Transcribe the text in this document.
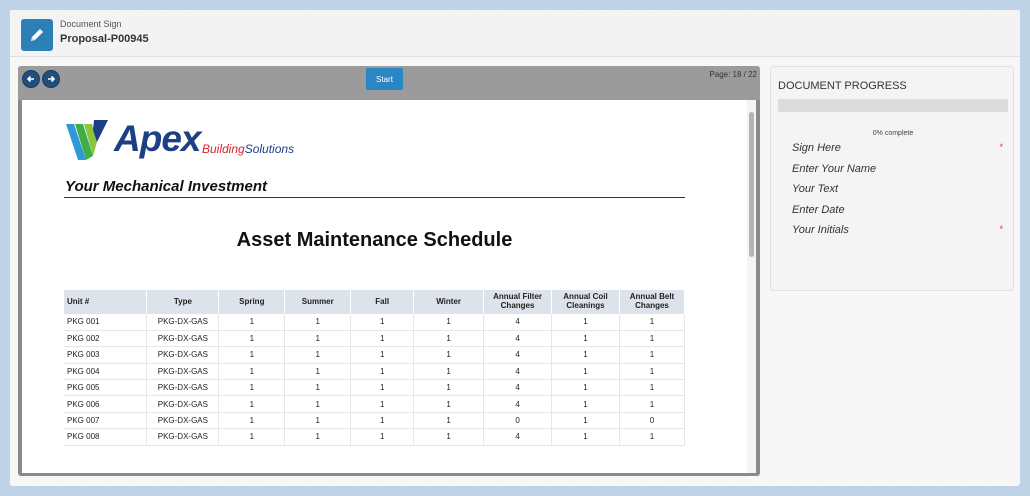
Document Sign
Proposal-P00945
Start	Page: 18 / 22
Apex BuildingSolutions
Your Mechanical Investment
Asset Maintenance Schedule
Unit #	Type	Spring	Summer	Fall	Winter	Annual Filter Changes	Annual Coil Cleanings	Annual Belt Changes
PKG 001	PKG-DX-GAS	1	1	1	1	4	1	1
PKG 002	PKG-DX-GAS	1	1	1	1	4	1	1
PKG 003	PKG-DX-GAS	1	1	1	1	4	1	1
PKG 004	PKG-DX-GAS	1	1	1	1	4	1	1
PKG 005	PKG-DX-GAS	1	1	1	1	4	1	1
PKG 006	PKG-DX-GAS	1	1	1	1	4	1	1
PKG 007	PKG-DX-GAS	1	1	1	1	0	1	0
PKG 008	PKG-DX-GAS	1	1	1	1	4	1	1
DOCUMENT PROGRESS
0% complete
Sign Here	*
Enter Your Name
Your Text
Enter Date
Your Initials	*
